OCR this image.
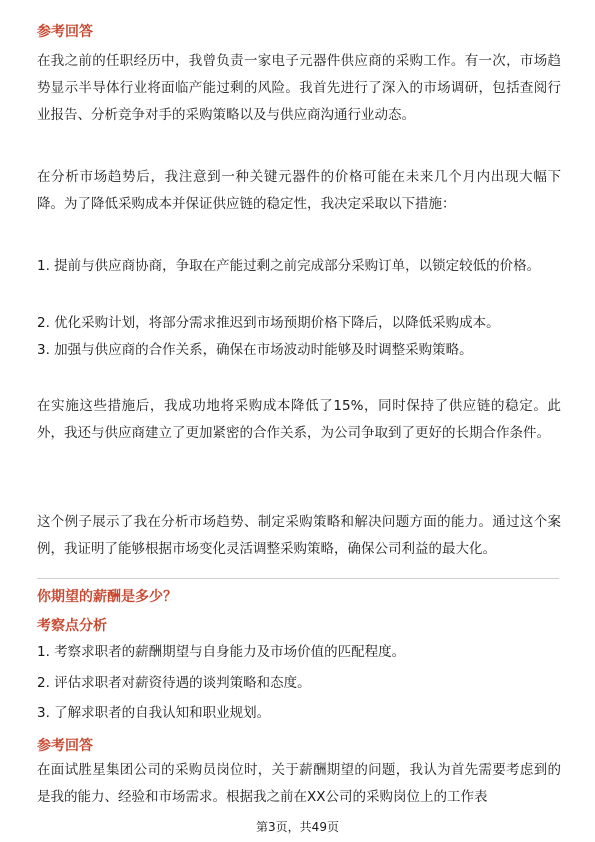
参考回答
在我之前的任职经历中，我曾负责一家电子元器件供应商的采购工作。有一次，市场趋势显示半导体行业将面临产能过剩的风险。我首先进行了深入的市场调研，包括查阅行业报告、分析竞争对手的采购策略以及与供应商沟通行业动态。
在分析市场趋势后，我注意到一种关键元器件的价格可能在未来几个月内出现大幅下降。为了降低采购成本并保证供应链的稳定性，我决定采取以下措施：
1. 提前与供应商协商，争取在产能过剩之前完成部分采购订单，以锁定较低的价格。
2. 优化采购计划，将部分需求推迟到市场预期价格下降后，以降低采购成本。
3. 加强与供应商的合作关系，确保在市场波动时能够及时调整采购策略。
在实施这些措施后，我成功地将采购成本降低了15%，同时保持了供应链的稳定。此外，我还与供应商建立了更加紧密的合作关系，为公司争取到了更好的长期合作条件。
这个例子展示了我在分析市场趋势、制定采购策略和解决问题方面的能力。通过这个案例，我证明了能够根据市场变化灵活调整采购策略，确保公司利益的最大化。
你期望的薪酬是多少？
考察点分析
1. 考察求职者的薪酬期望与自身能力及市场价值的匹配程度。
2. 评估求职者对薪资待遇的谈判策略和态度。
3. 了解求职者的自我认知和职业规划。
参考回答
在面试胜星集团公司的采购员岗位时，关于薪酬期望的问题，我认为首先需要考虑到的是我的能力、经验和市场需求。根据我之前在XX公司的采购岗位上的工作表
第3页，共49页
